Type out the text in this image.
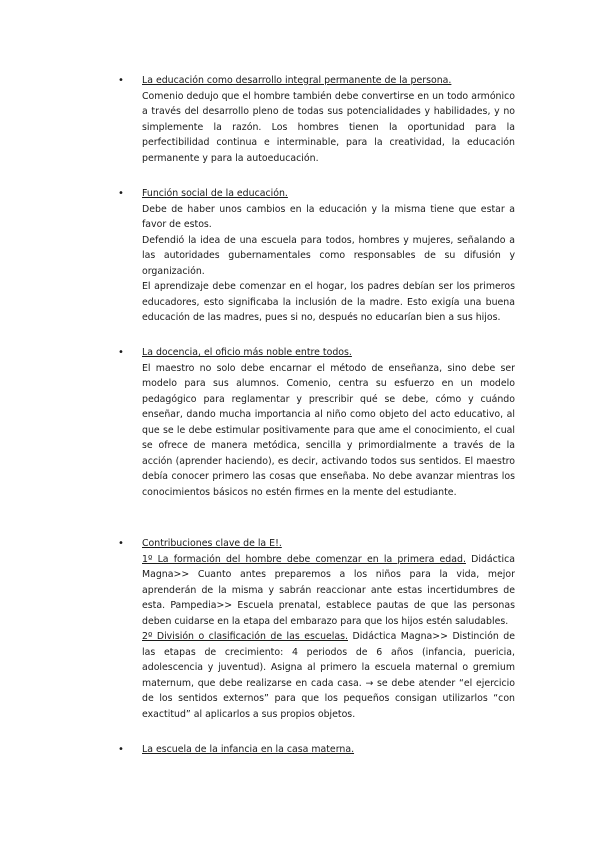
• La educación como desarrollo integral permanente de la persona.

Comenio dedujo que el hombre también debe convertirse en un todo armónico a través del desarrollo pleno de todas sus potencialidades y habilidades, y no simplemente la razón. Los hombres tienen la oportunidad para la perfectibilidad continua e interminable, para la creatividad, la educación permanente y para la autoeducación.

• Función social de la educación.

Debe de haber unos cambios en la educación y la misma tiene que estar a favor de estos.

Defendió la idea de una escuela para todos, hombres y mujeres, señalando a las autoridades gubernamentales como responsables de su difusión y organización.

El aprendizaje debe comenzar en el hogar, los padres debían ser los primeros educadores, esto significaba la inclusión de la madre. Esto exigía una buena educación de las madres, pues si no, después no educarían bien a sus hijos.

• La docencia, el oficio más noble entre todos.

El maestro no solo debe encarnar el método de enseñanza, sino debe ser modelo para sus alumnos. Comenio, centra su esfuerzo en un modelo pedagógico para reglamentar y prescribir qué se debe, cómo y cuándo enseñar, dando mucha importancia al niño como objeto del acto educativo, al que se le debe estimular positivamente para que ame el conocimiento, el cual se ofrece de manera metódica, sencilla y primordialmente a través de la acción (aprender haciendo), es decir, activando todos sus sentidos. El maestro debía conocer primero las cosas que enseñaba. No debe avanzar mientras los conocimientos básicos no estén firmes en la mente del estudiante.

• Contribuciones clave de la E!.

1º La formación del hombre debe comenzar en la primera edad. Didáctica Magna>> Cuanto antes preparemos a los niños para la vida, mejor aprenderán de la misma y sabrán reaccionar ante estas incertidumbres de esta. Pampedia>> Escuela prenatal, establece pautas de que las personas deben cuidarse en la etapa del embarazo para que los hijos estén saludables.

2º División o clasificación de las escuelas. Didáctica Magna>> Distinción de las etapas de crecimiento: 4 periodos de 6 años (infancia, puericia, adolescencia y juventud). Asigna al primero la escuela maternal o gremium maternum, que debe realizarse en cada casa. → se debe atender “el ejercicio de los sentidos externos” para que los pequeños consigan utilizarlos “con exactitud” al aplicarlos a sus propios objetos.

• La escuela de la infancia en la casa materna.
